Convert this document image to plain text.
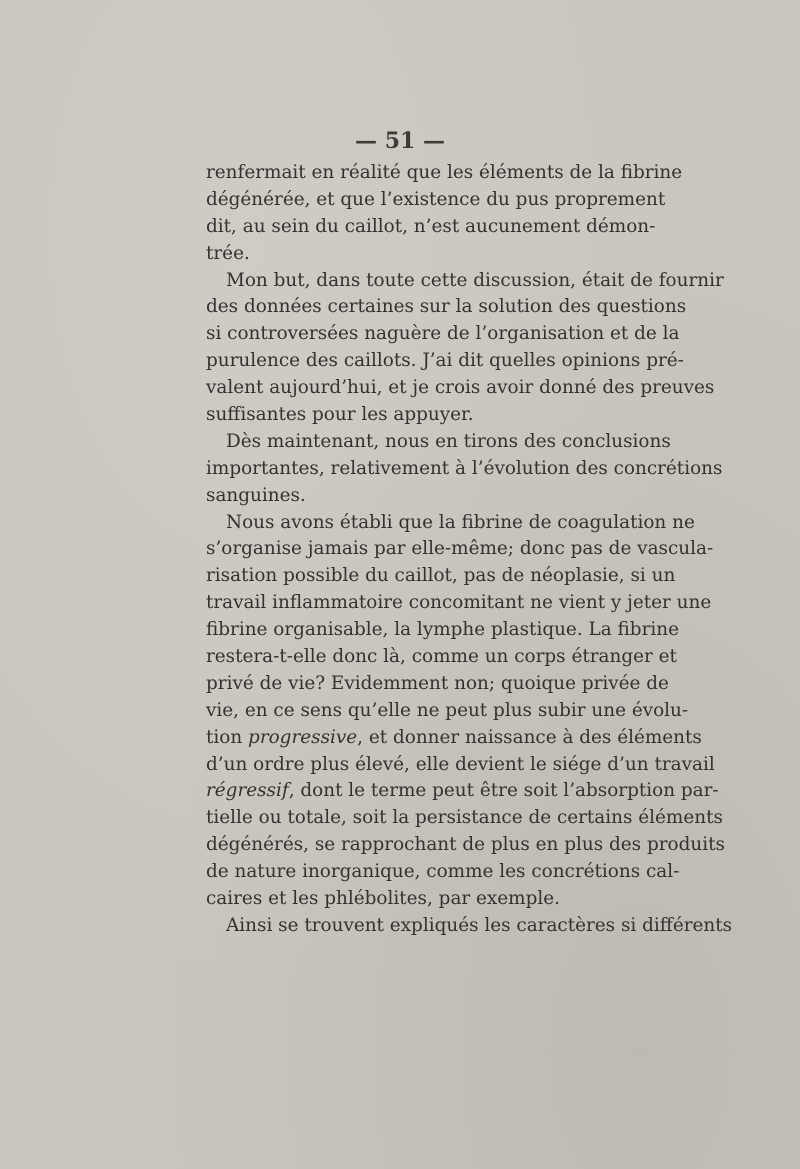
— 51 —
renfermait en réalité que les éléments de la fibrine
dégénérée, et que l’existence du pus proprement
dit, au sein du caillot, n’est aucunement démon-
trée.
Mon but, dans toute cette discussion, était de fournir
des données certaines sur la solution des questions
si controversées naguère de l’organisation et de la
purulence des caillots. J’ai dit quelles opinions pré-
valent aujourd’hui, et je crois avoir donné des preuves
suffisantes pour les appuyer.
Dès maintenant, nous en tirons des conclusions
importantes, relativement à l’évolution des concrétions
sanguines.
Nous avons établi que la fibrine de coagulation ne
s’organise jamais par elle-même; donc pas de vascula-
risation possible du caillot, pas de néoplasie, si un
travail inflammatoire concomitant ne vient y jeter une
fibrine organisable, la lymphe plastique. La fibrine
restera-t-elle donc là, comme un corps étranger et
privé de vie? Evidemment non; quoique privée de
vie, en ce sens qu’elle ne peut plus subir une évolu-
tion progressive, et donner naissance à des éléments
d’un ordre plus élevé, elle devient le siége d’un travail
régressif, dont le terme peut être soit l’absorption par-
tielle ou totale, soit la persistance de certains éléments
dégénérés, se rapprochant de plus en plus des produits
de nature inorganique, comme les concrétions cal-
caires et les phlébolites, par exemple.
Ainsi se trouvent expliqués les caractères si différents
